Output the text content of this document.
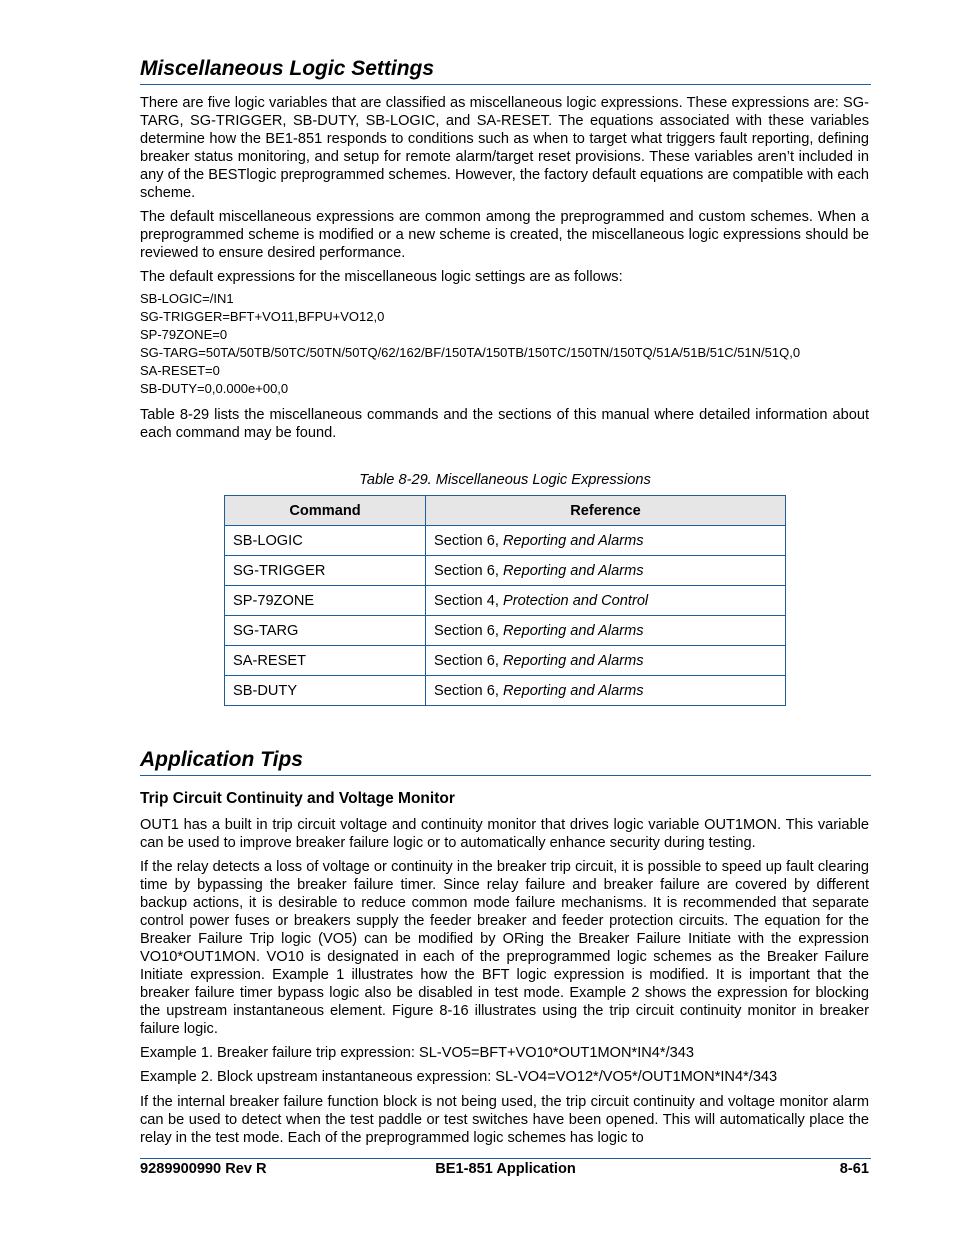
Miscellaneous Logic Settings

There are five logic variables that are classified as miscellaneous logic expressions. These expressions are: SG-TARG, SG-TRIGGER, SB-DUTY, SB-LOGIC, and SA-RESET. The equations associated with these variables determine how the BE1-851 responds to conditions such as when to target what triggers fault reporting, defining breaker status monitoring, and setup for remote alarm/target reset provisions. These variables aren’t included in any of the BESTlogic preprogrammed schemes. However, the factory default equations are compatible with each scheme.

The default miscellaneous expressions are common among the preprogrammed and custom schemes. When a preprogrammed scheme is modified or a new scheme is created, the miscellaneous logic expressions should be reviewed to ensure desired performance.

The default expressions for the miscellaneous logic settings are as follows:

SB-LOGIC=/IN1
SG-TRIGGER=BFT+VO11,BFPU+VO12,0
SP-79ZONE=0
SG-TARG=50TA/50TB/50TC/50TN/50TQ/62/162/BF/150TA/150TB/150TC/150TN/150TQ/51A/51B/51C/51N/51Q,0
SA-RESET=0
SB-DUTY=0,0.000e+00,0

Table 8-29 lists the miscellaneous commands and the sections of this manual where detailed information about each command may be found.

Table 8-29. Miscellaneous Logic Expressions
Command	Reference
SB-LOGIC	Section 6, Reporting and Alarms
SG-TRIGGER	Section 6, Reporting and Alarms
SP-79ZONE	Section 4, Protection and Control
SG-TARG	Section 6, Reporting and Alarms
SA-RESET	Section 6, Reporting and Alarms
SB-DUTY	Section 6, Reporting and Alarms
Application Tips
Trip Circuit Continuity and Voltage Monitor

OUT1 has a built in trip circuit voltage and continuity monitor that drives logic variable OUT1MON. This variable can be used to improve breaker failure logic or to automatically enhance security during testing.

If the relay detects a loss of voltage or continuity in the breaker trip circuit, it is possible to speed up fault clearing time by bypassing the breaker failure timer. Since relay failure and breaker failure are covered by different backup actions, it is desirable to reduce common mode failure mechanisms. It is recommended that separate control power fuses or breakers supply the feeder breaker and feeder protection circuits. The equation for the Breaker Failure Trip logic (VO5) can be modified by ORing the Breaker Failure Initiate with the expression VO10*OUT1MON. VO10 is designated in each of the preprogrammed logic schemes as the Breaker Failure Initiate expression. Example 1 illustrates how the BFT logic expression is modified. It is important that the breaker failure timer bypass logic also be disabled in test mode. Example 2 shows the expression for blocking the upstream instantaneous element. Figure 8-16 illustrates using the trip circuit continuity monitor in breaker failure logic.

Example 1. Breaker failure trip expression: SL-VO5=BFT+VO10*OUT1MON*IN4*/343

Example 2. Block upstream instantaneous expression: SL-VO4=VO12*/VO5*/OUT1MON*IN4*/343

If the internal breaker failure function block is not being used, the trip circuit continuity and voltage monitor alarm can be used to detect when the test paddle or test switches have been opened. This will automatically place the relay in the test mode. Each of the preprogrammed logic schemes has logic to

9289900990 Rev R	BE1-851 Application	8-61
